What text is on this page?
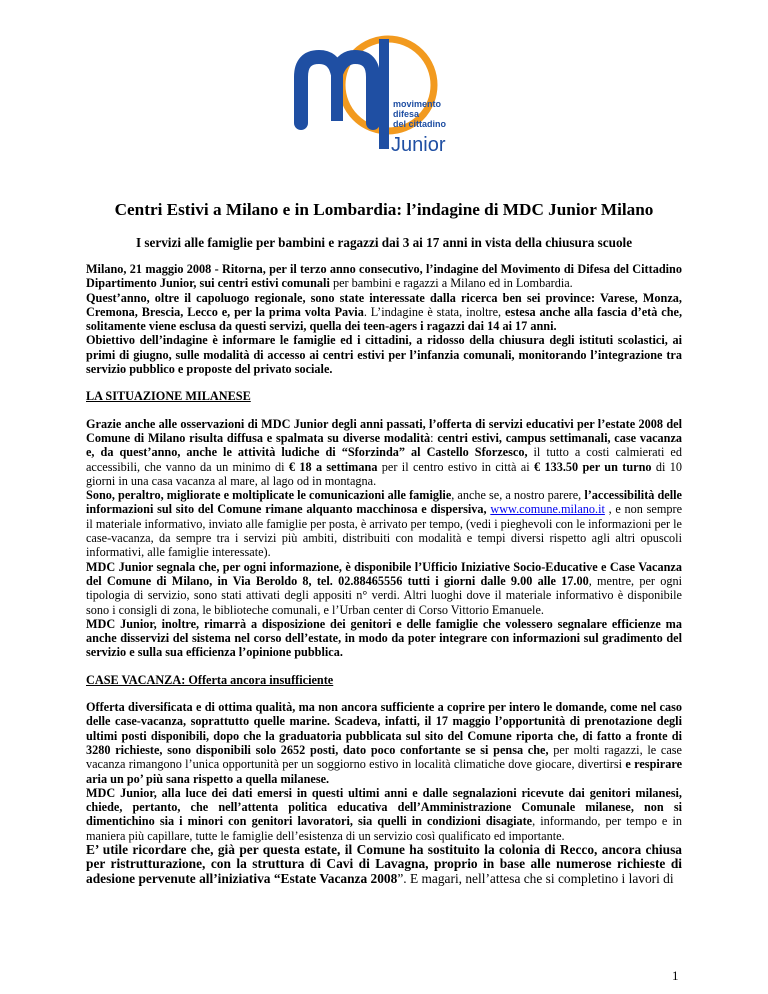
movimento
difesa
del cittadino
Junior
Centri Estivi a Milano e in Lombardia: l’indagine di MDC Junior Milano
I servizi alle famiglie per bambini e ragazzi dai 3 ai 17 anni in vista della chiusura scuole

Milano, 21 maggio 2008 - Ritorna, per il terzo anno consecutivo, l’indagine del Movimento di Difesa del Cittadino Dipartimento Junior, sui centri estivi comunali per bambini e ragazzi a Milano ed in Lombardia.

Quest’anno, oltre il capoluogo regionale, sono state interessate dalla ricerca ben sei province: Varese, Monza, Cremona, Brescia, Lecco e, per la prima volta Pavia. L’indagine è stata, inoltre, estesa anche alla fascia d’età che, solitamente viene esclusa da questi servizi, quella dei teen-agers i ragazzi dai 14 ai 17 anni.

Obiettivo dell’indagine è informare le famiglie ed i cittadini, a ridosso della chiusura degli istituti scolastici, ai primi di giugno, sulle modalità di accesso ai centri estivi per l’infanzia comunali, monitorando l’integrazione tra servizio pubblico e proposte del privato sociale.

LA SITUAZIONE MILANESE

Grazie anche alle osservazioni di MDC Junior degli anni passati, l’offerta di servizi educativi per l’estate 2008 del Comune di Milano risulta diffusa e spalmata su diverse modalità: centri estivi, campus settimanali, case vacanza e, da quest’anno, anche le attività ludiche di “Sforzinda” al Castello Sforzesco, il tutto a costi calmierati ed accessibili, che vanno da un minimo di € 18 a settimana per il centro estivo in città ai € 133.50 per un turno di 10 giorni in una casa vacanza al mare, al lago od in montagna.

Sono, peraltro, migliorate e moltiplicate le comunicazioni alle famiglie, anche se, a nostro parere, l’accessibilità delle informazioni sul sito del Comune rimane alquanto macchinosa e dispersiva, www.comune.milano.it , e non sempre il materiale informativo, inviato alle famiglie per posta, è arrivato per tempo, (vedi i pieghevoli con le informazioni per le case-vacanza, da sempre tra i servizi più ambiti, distribuiti con modalità e tempi diversi rispetto agli altri opuscoli informativi, alle famiglie interessate).

MDC Junior segnala che, per ogni informazione, è disponibile l’Ufficio Iniziative Socio-Educative e Case Vacanza del Comune di Milano, in Via Beroldo 8, tel. 02.88465556 tutti i giorni dalle 9.00 alle 17.00, mentre, per ogni tipologia di servizio, sono stati attivati degli appositi n° verdi. Altri luoghi dove il materiale informativo è disponibile sono i consigli di zona, le biblioteche comunali, e l’Urban center di Corso Vittorio Emanuele.

MDC Junior, inoltre, rimarrà a disposizione dei genitori e delle famiglie che volessero segnalare efficienze ma anche disservizi del sistema nel corso dell’estate, in modo da poter integrare con informazioni sul gradimento del servizio e sulla sua efficienza l’opinione pubblica.

CASE VACANZA: Offerta ancora insufficiente

Offerta diversificata e di ottima qualità, ma non ancora sufficiente a coprire per intero le domande, come nel caso delle case-vacanza, soprattutto quelle marine. Scadeva, infatti, il 17 maggio l’opportunità di prenotazione degli ultimi posti disponibili, dopo che la graduatoria pubblicata sul sito del Comune riporta che, di fatto a fronte di 3280 richieste, sono disponibili solo 2652 posti, dato poco confortante se si pensa che, per molti ragazzi, le case vacanza rimangono l’unica opportunità per un soggiorno estivo in località climatiche dove giocare, divertirsi e respirare aria un po’ più sana rispetto a quella milanese.

MDC Junior, alla luce dei dati emersi in questi ultimi anni e dalle segnalazioni ricevute dai genitori milanesi, chiede, pertanto, che nell’attenta politica educativa dell’Amministrazione Comunale milanese, non si dimentichino sia i minori con genitori lavoratori, sia quelli in condizioni disagiate, informando, per tempo e in maniera più capillare, tutte le famiglie dell’esistenza di un servizio così qualificato ed importante.

E’ utile ricordare che, già per questa estate, il Comune ha sostituito la colonia di Recco, ancora chiusa per ristrutturazione, con la struttura di Cavi di Lavagna, proprio in base alle numerose richieste di adesione pervenute all’iniziativa “Estate Vacanza 2008”. E magari, nell’attesa che si completino i lavori di

1
